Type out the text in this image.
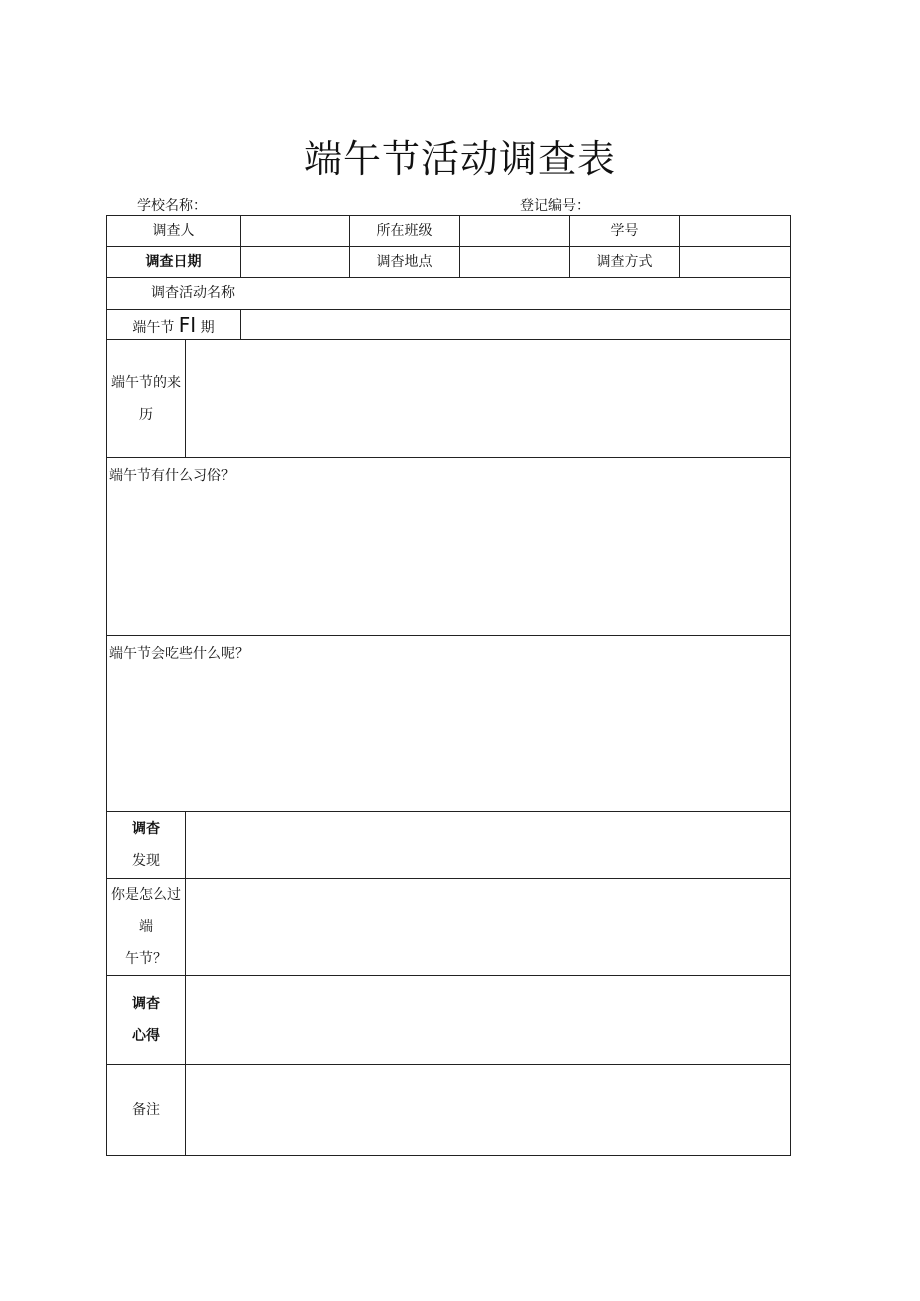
端午节活动调查表
学校名称：	登记编号：
调查人			所在班级		学号	
调查日期			调杳地点		调查方式	
调杳活动名称						
端午节 FI 期						

端午节的来
历						

端午节有什么习俗？						
端午节会吃些什么呢？						

调杳
发现						

你是怎么过
端
午节？						

调杳
心得						

备注						
